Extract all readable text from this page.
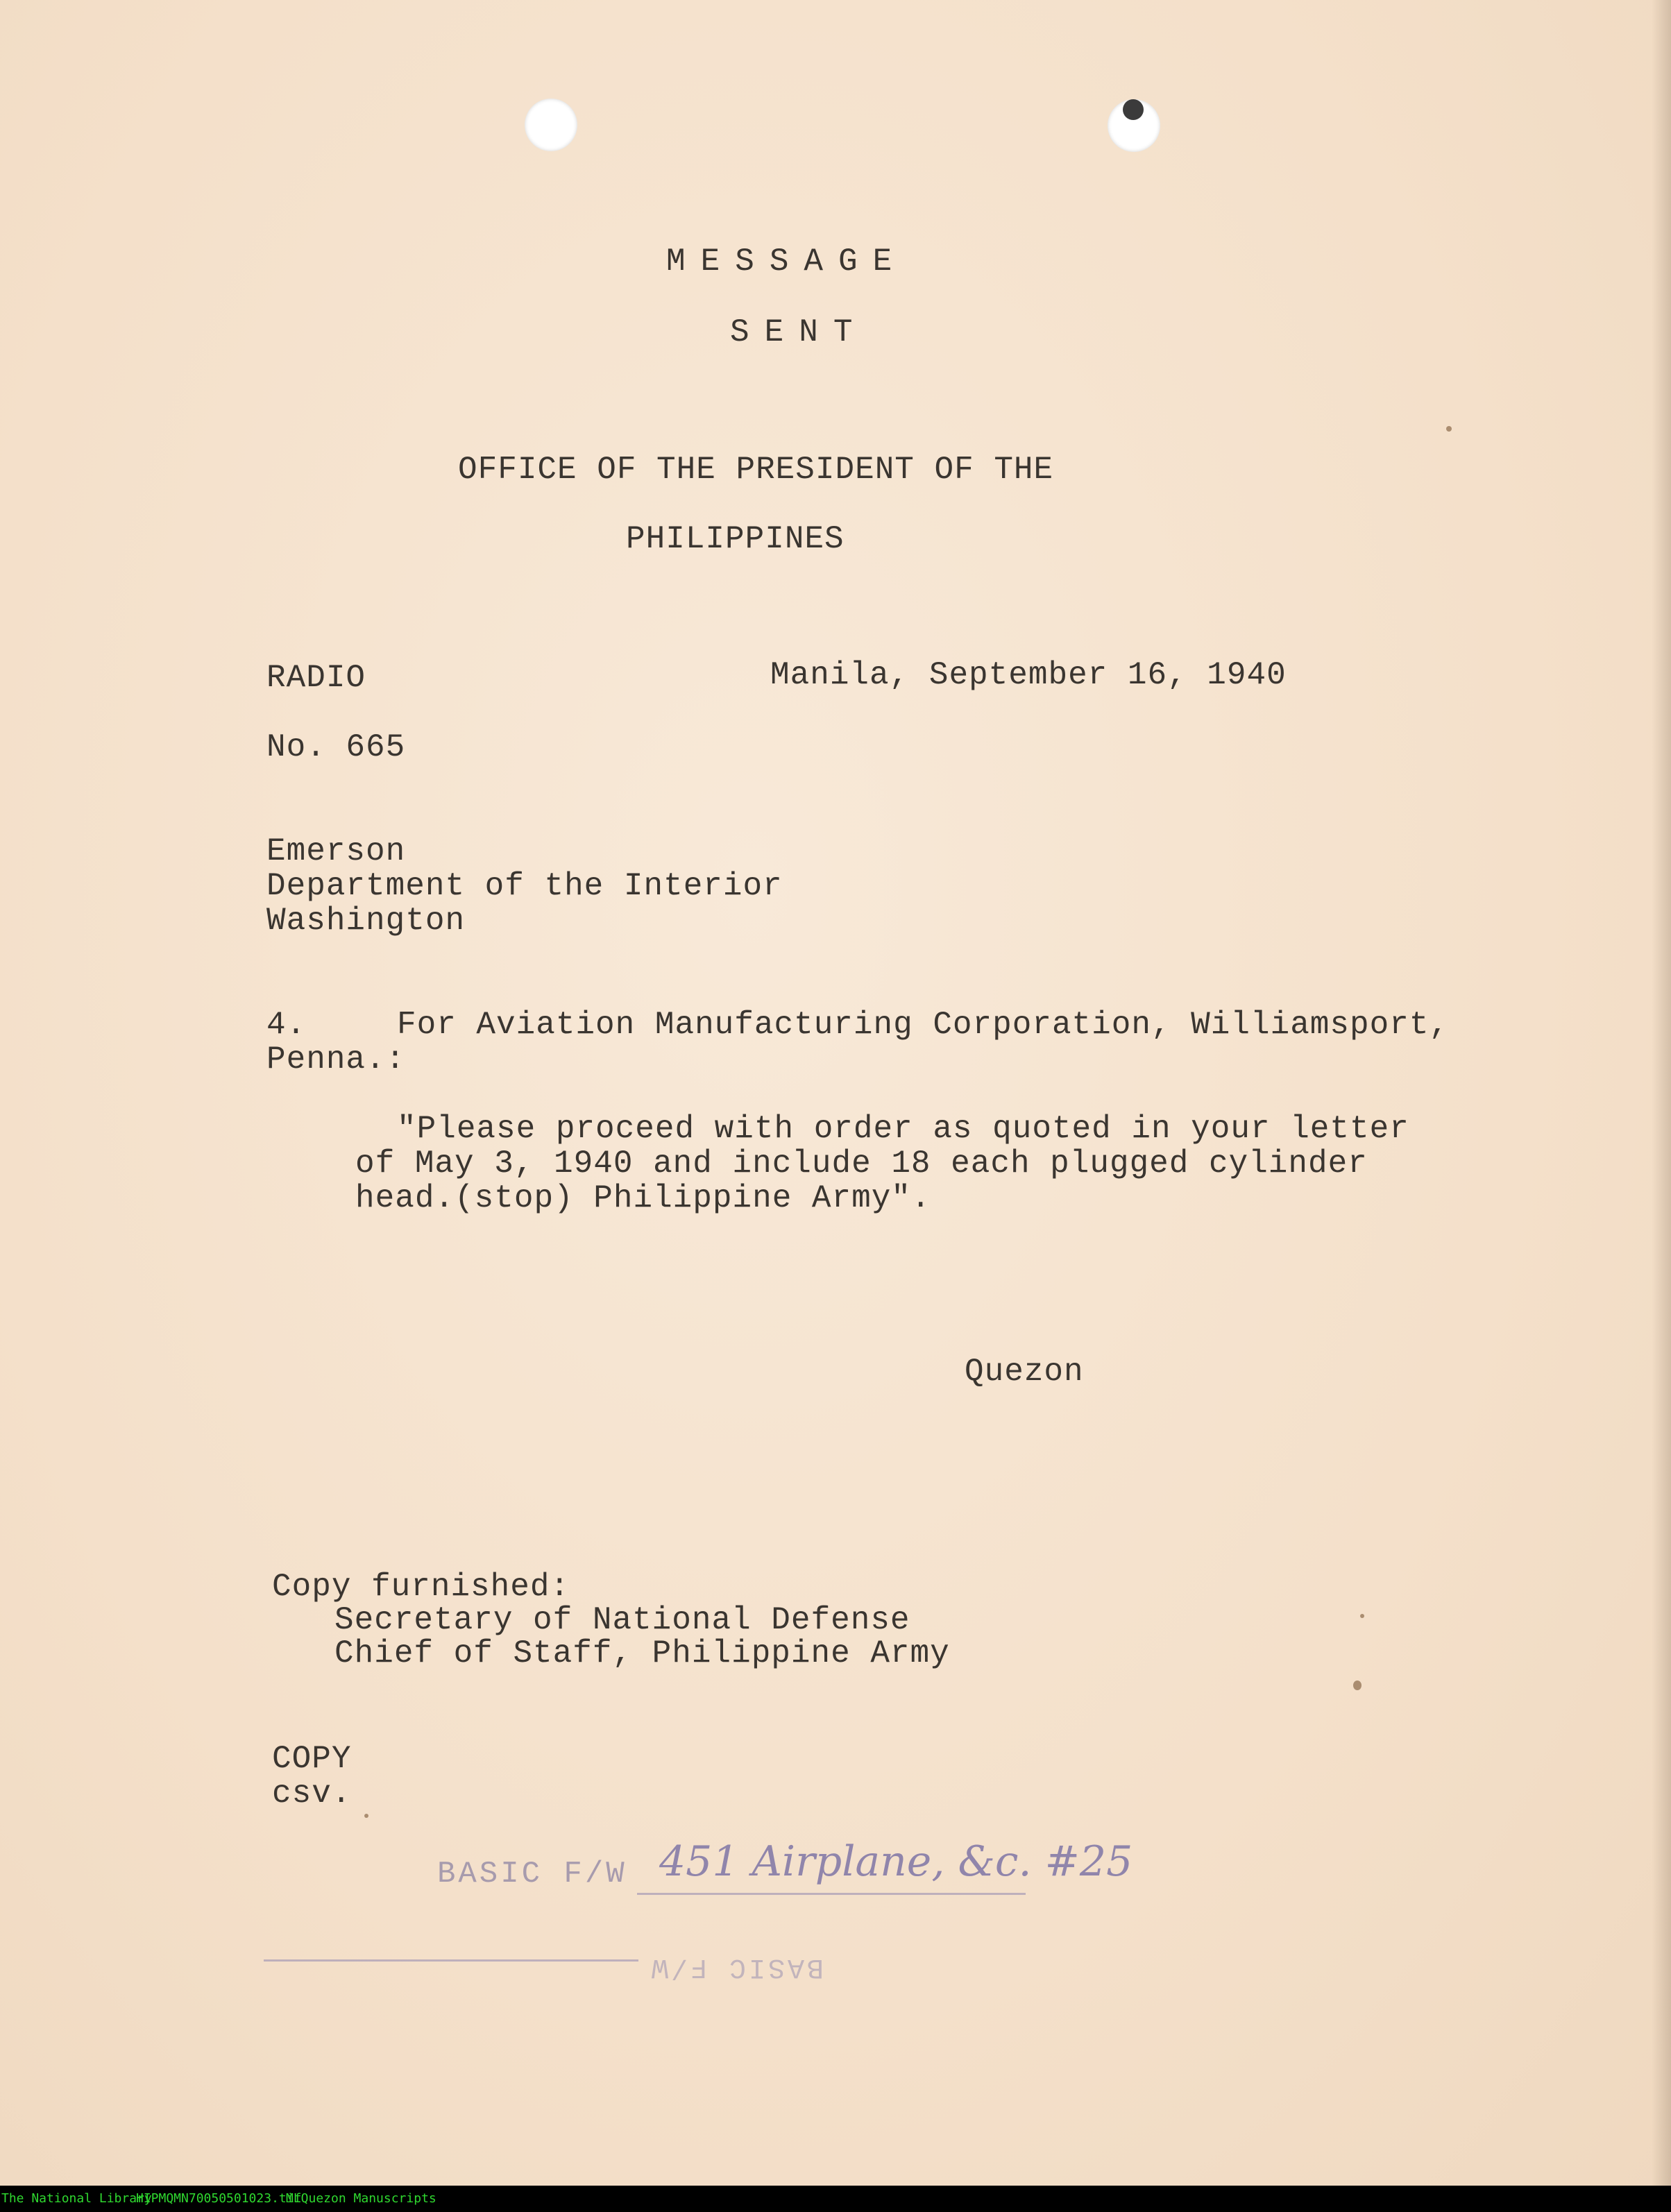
MESSAGE
SENT
OFFICE OF THE PRESIDENT OF THE
PHILIPPINES
RADIO	Manila, September 16, 1940
No. 665
Emerson
Department of the Interior
Washington
4.	For Aviation Manufacturing Corporation, Williamsport,
Penna.:
"Please proceed with order as quoted in your letter
of May 3, 1940 and include 18 each plugged cylinder
head.(stop) Philippine Army".
Quezon
Copy furnished:
Secretary of National Defense
Chief of Staff, Philippine Army
COPY
csv.
BASIC F/W 451 Airplane, &c. #25
BASIC F/W
The National Library
HIPMQMN70050501023.tif
MLQuezon Manuscripts
